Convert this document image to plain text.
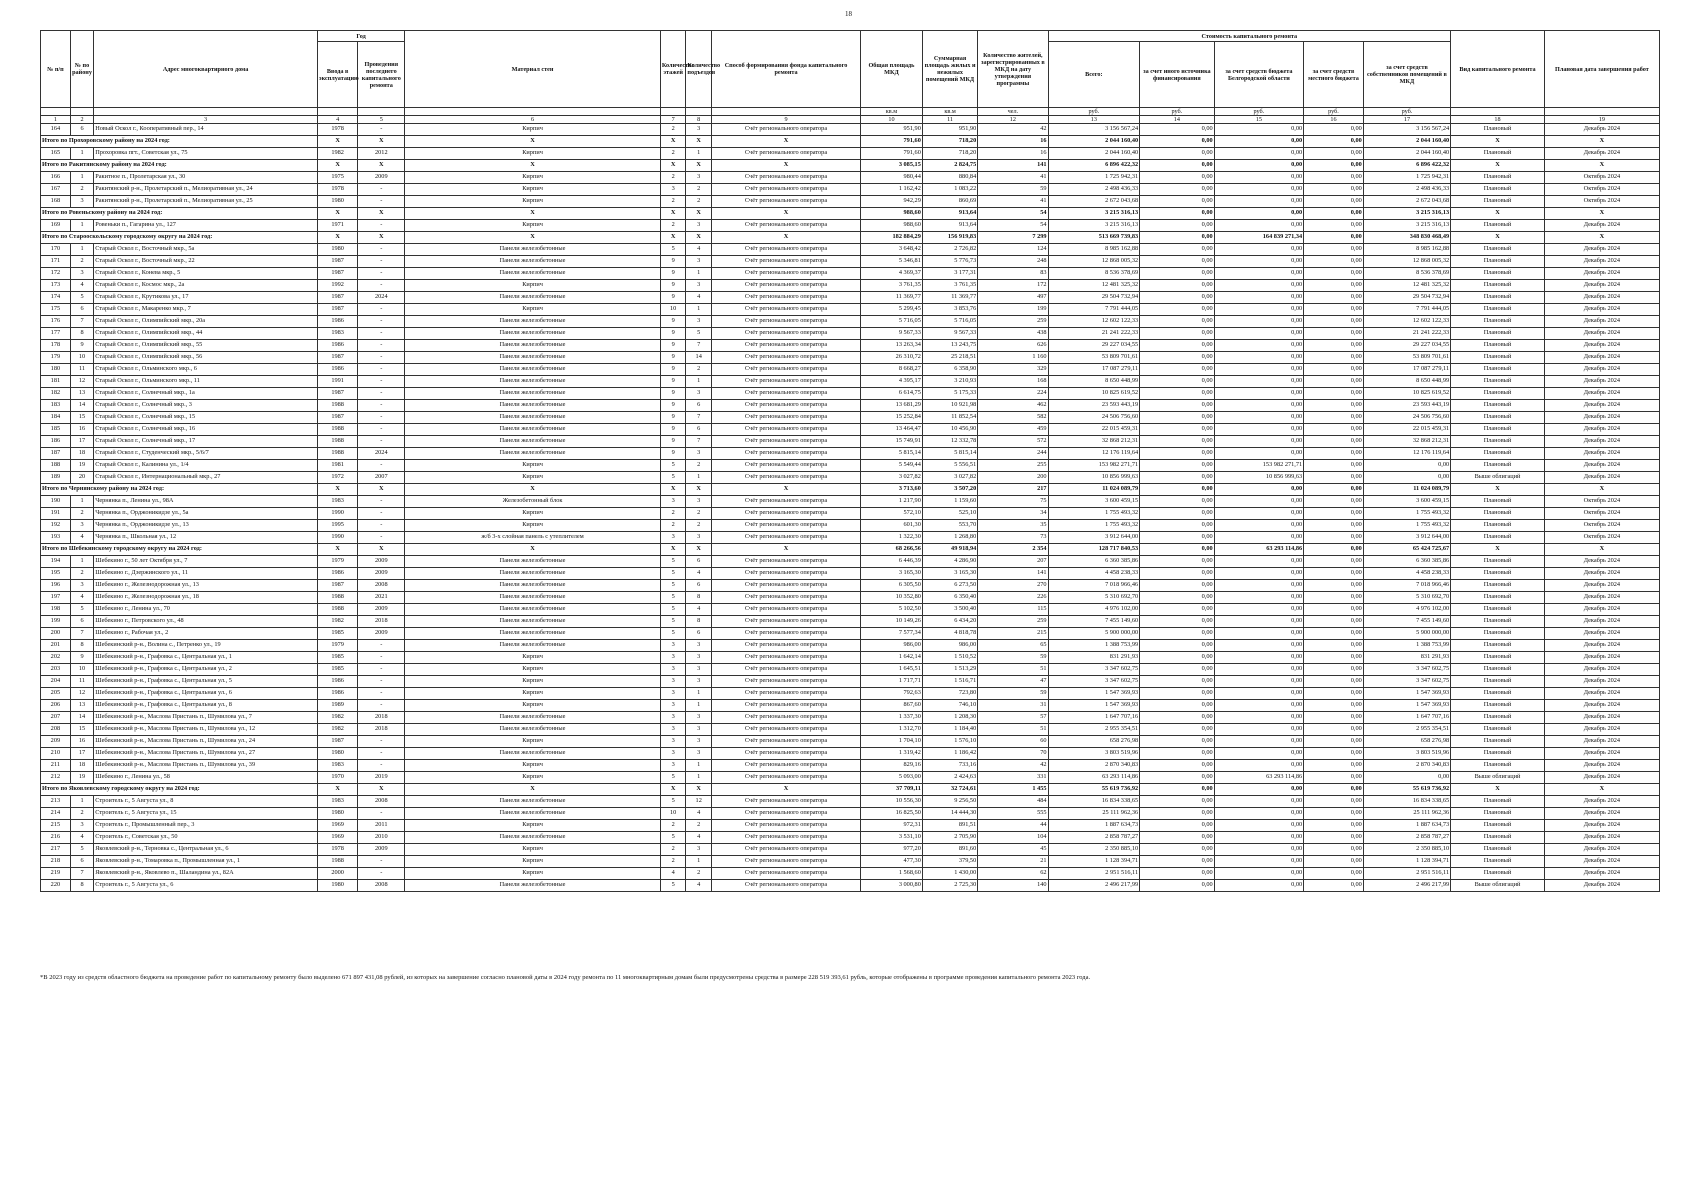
18
№ п/п	№ по району	Адрес многоквартирного дома	Год		Материал стен	Количество этажей	Количество подъездов	Способ формирования фонда капитального ремонта	Общая площадь МКД	Суммарная площадь жилых и нежилых помещений МКД	Количество жителей, зарегистрированных в МКД на дату утверждения программы	Стоимость капитального ремонта					Вид капитального ремонта	Плановая дата завершения работ
			Ввода в эксплуатацию	Проведения последнего капитального ремонта								Всего:	за счет иного источника финансирования	за счет средств бюджета Белгородской области	за счет средств местного бюджета	за счет средств собственников помещений в МКД		
									кв.м	кв.м	чел.	руб.	руб.	руб.	руб.	руб.		
1	2	3	4	5	6	7	8	9	10	11	12	13	14	15	16	17	18	19
164	6	Новый Оскол г., Кооперативный пер., 14	1978	-	Кирпич	2	3	Счёт регионального оператора	951,90	951,90	42	3 156 567,24	0,00	0,00	0,00	3 156 567,24	Плановый	Декабрь 2024
Итого по Прохоровскому району на 2024 год:			X	X	X	X	X	X	791,60	718,20	16	2 044 160,40	0,00	0,00	0,00	2 044 160,40	X	X
165	1	Прохоровка пгт., Советская ул., 75	1982	2012	Кирпич	2	1	Счёт регионального оператора	791,60	718,20	16	2 044 160,40	0,00	0,00	0,00	2 044 160,40	Плановый	Декабрь 2024
Итого по Ракитянскому району на 2024 год:			X	X	X	X	X	X	3 085,15	2 824,75	141	6 896 422,32	0,00	0,00	0,00	6 896 422,32	X	X
166	1	Ракитное п., Пролетарская ул., 30	1975	2009	Кирпич	2	3	Счёт регионального оператора	980,44	880,84	41	1 725 942,31	0,00	0,00	0,00	1 725 942,31	Плановый	Октябрь 2024
167	2	Ракитянский р-н., Пролетарский п., Мелиоративная ул., 24	1978	-	Кирпич	3	2	Счёт регионального оператора	1 162,42	1 083,22	59	2 498 436,33	0,00	0,00	0,00	2 498 436,33	Плановый	Октябрь 2024
168	3	Ракитянский р-н., Пролетарский п., Мелиоративная ул., 25	1980	-	Кирпич	2	2	Счёт регионального оператора	942,29	860,69	41	2 672 043,68	0,00	0,00	0,00	2 672 043,68	Плановый	Октябрь 2024
Итого по Ровеньскому району на 2024 год:			X	X	X	X	X	X	988,60	913,64	54	3 215 316,13	0,00	0,00	0,00	3 215 316,13	X	X
169	1	Ровеньки п., Гагарина ул., 127	1971	-	Кирпич	2	3	Счёт регионального оператора	988,60	913,64	54	3 215 316,13	0,00	0,00	0,00	3 215 316,13	Плановый	Декабрь 2024
Итого по Старооскольскому городскому округу на 2024 год:			X	X	X	X	X	X	182 884,29	156 919,83	7 299	513 669 739,83	0,00	164 839 271,34	0,00	348 830 468,49	X	X
170	1	Старый Оскол г., Восточный мкр., 5а	1980	-	Панели железобетонные	5	4	Счёт регионального оператора	3 648,42	2 726,82	124	8 985 162,88	0,00	0,00	0,00	8 985 162,88	Плановый	Декабрь 2024
171	2	Старый Оскол г., Восточный мкр., 22	1987	-	Панели железобетонные	9	3	Счёт регионального оператора	5 346,81	5 776,73	248	12 868 005,32	0,00	0,00	0,00	12 868 005,32	Плановый	Декабрь 2024
172	3	Старый Оскол г., Конева мкр., 5	1987	-	Панели железобетонные	9	1	Счёт регионального оператора	4 369,37	3 177,31	83	8 536 378,69	0,00	0,00	0,00	8 536 378,69	Плановый	Декабрь 2024
173	4	Старый Оскол г., Космос мкр., 2а	1992	-	Кирпич	9	3	Счёт регионального оператора	3 761,35	3 761,35	172	12 481 325,32	0,00	0,00	0,00	12 481 325,32	Плановый	Декабрь 2024
174	5	Старый Оскол г., Крутикова ул., 17	1987	2024	Панели железобетонные	9	4	Счёт регионального оператора	11 369,77	11 369,77	497	29 504 732,94	0,00	0,00	0,00	29 504 732,94	Плановый	Декабрь 2024
175	6	Старый Оскол г., Макаренко мкр., 7	1987	-	Кирпич	10	1	Счёт регионального оператора	5 299,45	3 853,76	199	7 791 444,05	0,00	0,00	0,00	7 791 444,05	Плановый	Декабрь 2024
176	7	Старый Оскол г., Олимпийский мкр., 20а	1986	-	Панели железобетонные	9	3	Счёт регионального оператора	5 716,05	5 716,05	259	12 602 122,33	0,00	0,00	0,00	12 602 122,33	Плановый	Декабрь 2024
177	8	Старый Оскол г., Олимпийский мкр., 44	1983	-	Панели железобетонные	9	5	Счёт регионального оператора	9 567,33	9 567,33	438	21 241 222,33	0,00	0,00	0,00	21 241 222,33	Плановый	Декабрь 2024
178	9	Старый Оскол г., Олимпийский мкр., 55	1986	-	Панели железобетонные	9	7	Счёт регионального оператора	13 263,34	13 243,75	626	29 227 034,55	0,00	0,00	0,00	29 227 034,55	Плановый	Декабрь 2024
179	10	Старый Оскол г., Олимпийский мкр., 56	1987	-	Панели железобетонные	9	14	Счёт регионального оператора	26 310,72	25 218,51	1 160	53 809 701,61	0,00	0,00	0,00	53 809 701,61	Плановый	Декабрь 2024
180	11	Старый Оскол г., Ольминского мкр., 6	1986	-	Панели железобетонные	9	2	Счёт регионального оператора	8 668,27	6 358,90	329	17 087 279,11	0,00	0,00	0,00	17 087 279,11	Плановый	Декабрь 2024
181	12	Старый Оскол г., Ольминского мкр., 11	1991	-	Панели железобетонные	9	1	Счёт регионального оператора	4 395,17	3 210,93	168	8 650 448,99	0,00	0,00	0,00	8 650 448,99	Плановый	Декабрь 2024
182	13	Старый Оскол г., Солнечный мкр., 1а	1987	-	Панели железобетонные	9	3	Счёт регионального оператора	6 614,75	5 175,33	224	10 825 619,52	0,00	0,00	0,00	10 825 619,52	Плановый	Декабрь 2024
183	14	Старый Оскол г., Солнечный мкр., 3	1988	-	Панели железобетонные	9	6	Счёт регионального оператора	13 681,29	10 921,98	462	23 593 443,19	0,00	0,00	0,00	23 593 443,19	Плановый	Декабрь 2024
184	15	Старый Оскол г., Солнечный мкр., 15	1987	-	Панели железобетонные	9	7	Счёт регионального оператора	15 252,84	11 852,54	582	24 506 756,60	0,00	0,00	0,00	24 506 756,60	Плановый	Декабрь 2024
185	16	Старый Оскол г., Солнечный мкр., 16	1988	-	Панели железобетонные	9	6	Счёт регионального оператора	13 464,47	10 456,90	459	22 015 459,31	0,00	0,00	0,00	22 015 459,31	Плановый	Декабрь 2024
186	17	Старый Оскол г., Солнечный мкр., 17	1988	-	Панели железобетонные	9	7	Счёт регионального оператора	15 749,91	12 332,78	572	32 868 212,31	0,00	0,00	0,00	32 868 212,31	Плановый	Декабрь 2024
187	18	Старый Оскол г., Студенческий мкр., 5/6/7	1988	2024	Панели железобетонные	9	3	Счёт регионального оператора	5 815,14	5 815,14	244	12 176 119,64	0,00	0,00	0,00	12 176 119,64	Плановый	Декабрь 2024
188	19	Старый Оскол г., Калинина ул., 1/4	1981	-	Кирпич	5	2	Счёт регионального оператора	5 549,44	5 556,51	255	153 982 271,71	0,00	153 982 271,71	0,00	0,00	Плановый	Декабрь 2024
189	20	Старый Оскол г., Интернациональный мкр., 27	1972	2007	Кирпич	5	1	Счёт регионального оператора	3 027,82	3 027,82	200	10 856 999,63	0,00	10 856 999,63	0,00	0,00	Выше облигаций	Декабрь 2024
Итого по Чернянскому району на 2024 год:			X	X	X	X	X	X	3 713,60	3 507,20	217	11 024 089,79	0,00	0,00	0,00	11 024 089,79	X	X
190	1	Чернянка п., Ленина ул., 98А	1983	-	Железобетонный блок	3	3	Счёт регионального оператора	1 217,90	1 159,60	75	3 600 459,15	0,00	0,00	0,00	3 600 459,15	Плановый	Октябрь 2024
191	2	Чернянка п., Орджоникидзе ул., 5а	1990	-	Кирпич	2	2	Счёт регионального оператора	572,10	525,10	34	1 755 493,32	0,00	0,00	0,00	1 755 493,32	Плановый	Октябрь 2024
192	3	Чернянка п., Орджоникидзе ул., 13	1995	-	Кирпич	2	2	Счёт регионального оператора	601,30	553,70	35	1 755 493,32	0,00	0,00	0,00	1 755 493,32	Плановый	Октябрь 2024
193	4	Чернянка п., Школьная ул., 12	1990	-	ж/б 3-х слойная панель с утеплителем	3	3	Счёт регионального оператора	1 322,30	1 268,80	73	3 912 644,00	0,00	0,00	0,00	3 912 644,00	Плановый	Октябрь 2024
Итого по Шебекинскому городскому округу на 2024 год:			X	X	X	X	X	X	68 266,56	49 918,94	2 354	128 717 840,53	0,00	63 293 114,86	0,00	65 424 725,67	X	X
194	1	Шебекино г., 50 лет Октября ул., 7	1979	2009	Панели железобетонные	5	6	Счёт регионального оператора	6 446,39	4 286,90	207	6 360 385,86	0,00	0,00	0,00	6 360 385,86	Плановый	Декабрь 2024
195	2	Шебекино г., Дзержинского ул., 11	1986	2009	Панели железобетонные	5	4	Счёт регионального оператора	3 165,30	3 165,30	141	4 458 238,33	0,00	0,00	0,00	4 458 238,33	Плановый	Декабрь 2024
196	3	Шебекино г., Железнодорожная ул., 13	1987	2008	Панели железобетонные	5	6	Счёт регионального оператора	6 305,50	6 273,50	270	7 018 966,46	0,00	0,00	0,00	7 018 966,46	Плановый	Декабрь 2024
197	4	Шебекино г., Железнодорожная ул., 18	1988	2021	Панели железобетонные	5	8	Счёт регионального оператора	10 352,80	6 350,40	226	5 310 692,70	0,00	0,00	0,00	5 310 692,70	Плановый	Декабрь 2024
198	5	Шебекино г., Ленина ул., 70	1988	2009	Панели железобетонные	5	4	Счёт регионального оператора	5 102,50	3 500,40	115	4 976 102,00	0,00	0,00	0,00	4 976 102,00	Плановый	Декабрь 2024
199	6	Шебекино г., Петровского ул., 48	1982	2018	Панели железобетонные	5	8	Счёт регионального оператора	10 149,26	6 434,20	259	7 455 149,60	0,00	0,00	0,00	7 455 149,60	Плановый	Декабрь 2024
200	7	Шебекино г., Рабочая ул., 2	1985	2009	Панели железобетонные	5	6	Счёт регионального оператора	7 577,34	4 818,78	215	5 900 000,00	0,00	0,00	0,00	5 900 000,00	Плановый	Декабрь 2024
201	8	Шебекинский р-н., Волина с., Петренко ул., 19	1979	-	Панели железобетонные	3	3	Счёт регионального оператора	986,00	986,00	65	1 388 753,99	0,00	0,00	0,00	1 388 753,99	Плановый	Декабрь 2024
202	9	Шебекинский р-н., Графовка с., Центральная ул., 1	1985	-	Кирпич	3	3	Счёт регионального оператора	1 642,14	1 510,52	59	831 291,93	0,00	0,00	0,00	831 291,93	Плановый	Декабрь 2024
203	10	Шебекинский р-н., Графовка с., Центральная ул., 2	1985	-	Кирпич	3	3	Счёт регионального оператора	1 645,51	1 513,29	51	3 347 602,75	0,00	0,00	0,00	3 347 602,75	Плановый	Декабрь 2024
204	11	Шебекинский р-н., Графовка с., Центральная ул., 5	1986	-	Кирпич	3	3	Счёт регионального оператора	1 717,71	1 516,71	47	3 347 602,75	0,00	0,00	0,00	3 347 602,75	Плановый	Декабрь 2024
205	12	Шебекинский р-н., Графовка с., Центральная ул., 6	1986	-	Кирпич	3	1	Счёт регионального оператора	792,63	723,80	59	1 547 369,93	0,00	0,00	0,00	1 547 369,93	Плановый	Декабрь 2024
206	13	Шебекинский р-н., Графовка с., Центральная ул., 8	1989	-	Кирпич	3	1	Счёт регионального оператора	867,60	746,10	31	1 547 369,93	0,00	0,00	0,00	1 547 369,93	Плановый	Декабрь 2024
207	14	Шебекинский р-н., Маслова Пристань п., Шумилова ул., 7	1982	2018	Панели железобетонные	3	3	Счёт регионального оператора	1 337,30	1 208,30	57	1 647 707,16	0,00	0,00	0,00	1 647 707,16	Плановый	Декабрь 2024
208	15	Шебекинский р-н., Маслова Пристань п., Шумилова ул., 12	1982	2018	Панели железобетонные	3	3	Счёт регионального оператора	1 312,70	1 184,40	51	2 955 354,51	0,00	0,00	0,00	2 955 354,51	Плановый	Декабрь 2024
209	16	Шебекинский р-н., Маслова Пристань п., Шумилова ул., 24	1987	-	Кирпич	3	3	Счёт регионального оператора	1 704,10	1 576,10	60	658 276,98	0,00	0,00	0,00	658 276,98	Плановый	Декабрь 2024
210	17	Шебекинский р-н., Маслова Пристань п., Шумилова ул., 27	1980	-	Панели железобетонные	3	3	Счёт регионального оператора	1 319,42	1 186,42	70	3 803 519,96	0,00	0,00	0,00	3 803 519,96	Плановый	Декабрь 2024
211	18	Шебекинский р-н., Маслова Пристань п., Шумилова ул., 39	1983	-	Кирпич	3	1	Счёт регионального оператора	829,16	733,16	42	2 870 340,83	0,00	0,00	0,00	2 870 340,83	Плановый	Декабрь 2024
212	19	Шебекино г., Ленина ул., 58	1970	2019	Кирпич	5	1	Счёт регионального оператора	5 093,00	2 424,63	331	63 293 114,86	0,00	63 293 114,86	0,00	0,00	Выше облигаций	Декабрь 2024
Итого по Яковлевскому городскому округу на 2024 год:			X	X	X	X	X	X	37 709,11	32 724,61	1 455	55 619 736,92	0,00	0,00	0,00	55 619 736,92	X	X
213	1	Строитель г., 5 Августа ул., 8	1983	2008	Панели железобетонные	5	12	Счёт регионального оператора	10 556,30	9 256,50	484	16 834 338,65	0,00	0,00	0,00	16 834 338,65	Плановый	Декабрь 2024
214	2	Строитель г., 5 Августа ул., 15	1980	-	Панели железобетонные	10	4	Счёт регионального оператора	16 825,50	14 444,30	555	25 111 962,36	0,00	0,00	0,00	25 111 962,36	Плановый	Декабрь 2024
215	3	Строитель г., Промышленный пер., 3	1969	2011	Кирпич	2	2	Счёт регионального оператора	972,31	891,51	44	1 887 634,73	0,00	0,00	0,00	1 887 634,73	Плановый	Декабрь 2024
216	4	Строитель г., Советская ул., 50	1969	2010	Панели железобетонные	5	4	Счёт регионального оператора	3 531,10	2 705,90	104	2 858 787,27	0,00	0,00	0,00	2 858 787,27	Плановый	Декабрь 2024
217	5	Яковлевский р-н., Терновка с., Центральная ул., 6	1978	2009	Кирпич	2	3	Счёт регионального оператора	977,20	891,60	45	2 350 885,10	0,00	0,00	0,00	2 350 885,10	Плановый	Декабрь 2024
218	6	Яковлевский р-н., Томаровка п., Промышленная ул., 1	1988	-	Кирпич	2	1	Счёт регионального оператора	477,30	379,50	21	1 128 394,71	0,00	0,00	0,00	1 128 394,71	Плановый	Декабрь 2024
219	7	Яковлевский р-н., Яковлево п., Шаландина ул., 82А	2000	-	Кирпич	4	2	Счёт регионального оператора	1 568,60	1 430,00	62	2 951 516,11	0,00	0,00	0,00	2 951 516,11	Плановый	Декабрь 2024
220	8	Строитель г., 5 Августа ул., 6	1980	2008	Панели железобетонные	5	4	Счёт регионального оператора	3 000,80	2 725,30	140	2 496 217,99	0,00	0,00	0,00	2 496 217,99	Выше облигаций	Декабрь 2024
*В 2023 году из средств областного бюджета на проведение работ по капитальному ремонту было выделено 671 897 431,08 рублей, из которых на завершение согласно плановой даты в 2024 году ремонта по 11 многоквартирным домам были предусмотрены средства в размере 228 519 393,61 рубль, которые отображены в программе проведения капитального ремонта 2023 года.
